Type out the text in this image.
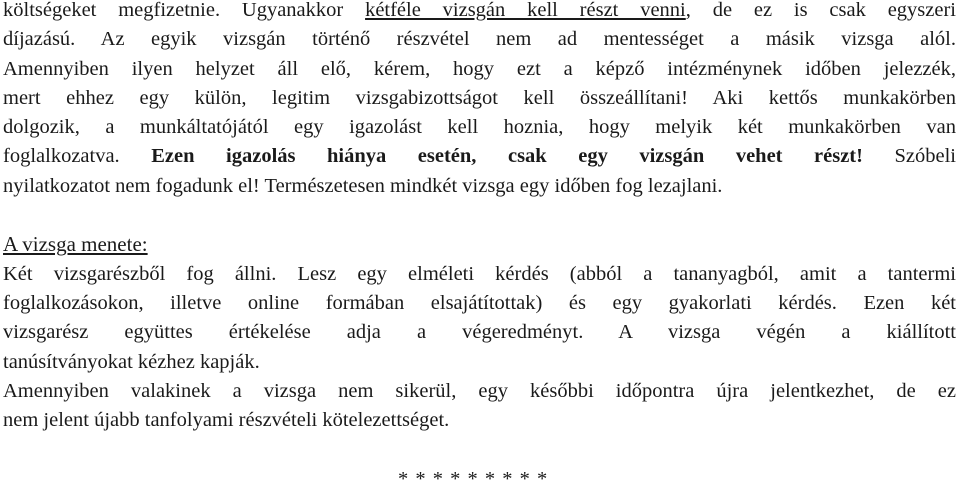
költségeket megfizetnie. Ugyanakkor kétféle vizsgán kell részt venni, de ez is csak egyszeri
díjazású. Az egyik vizsgán történő részvétel nem ad mentességet a másik vizsga alól.
Amennyiben ilyen helyzet áll elő, kérem, hogy ezt a képző intézménynek időben jelezzék,
mert ehhez egy külön, legitim vizsgabizottságot kell összeállítani! Aki kettős munkakörben
dolgozik, a munkáltatójától egy igazolást kell hoznia, hogy melyik két munkakörben van
foglalkozatva. Ezen igazolás hiánya esetén, csak egy vizsgán vehet részt! Szóbeli
nyilatkozatot nem fogadunk el! Természetesen mindkét vizsga egy időben fog lezajlani.
A vizsga menete:
Két vizsgarészből fog állni. Lesz egy elméleti kérdés (abból a tananyagból, amit a tantermi
foglalkozásokon, illetve online formában elsajátítottak) és egy gyakorlati kérdés. Ezen két
vizsgarész együttes értékelése adja a végeredményt. A vizsga végén a kiállított
tanúsítványokat kézhez kapják.
Amennyiben valakinek a vizsga nem sikerül, egy későbbi időpontra újra jelentkezhet, de ez
nem jelent újabb tanfolyami részvételi kötelezettséget.
* * * * * * * * *
